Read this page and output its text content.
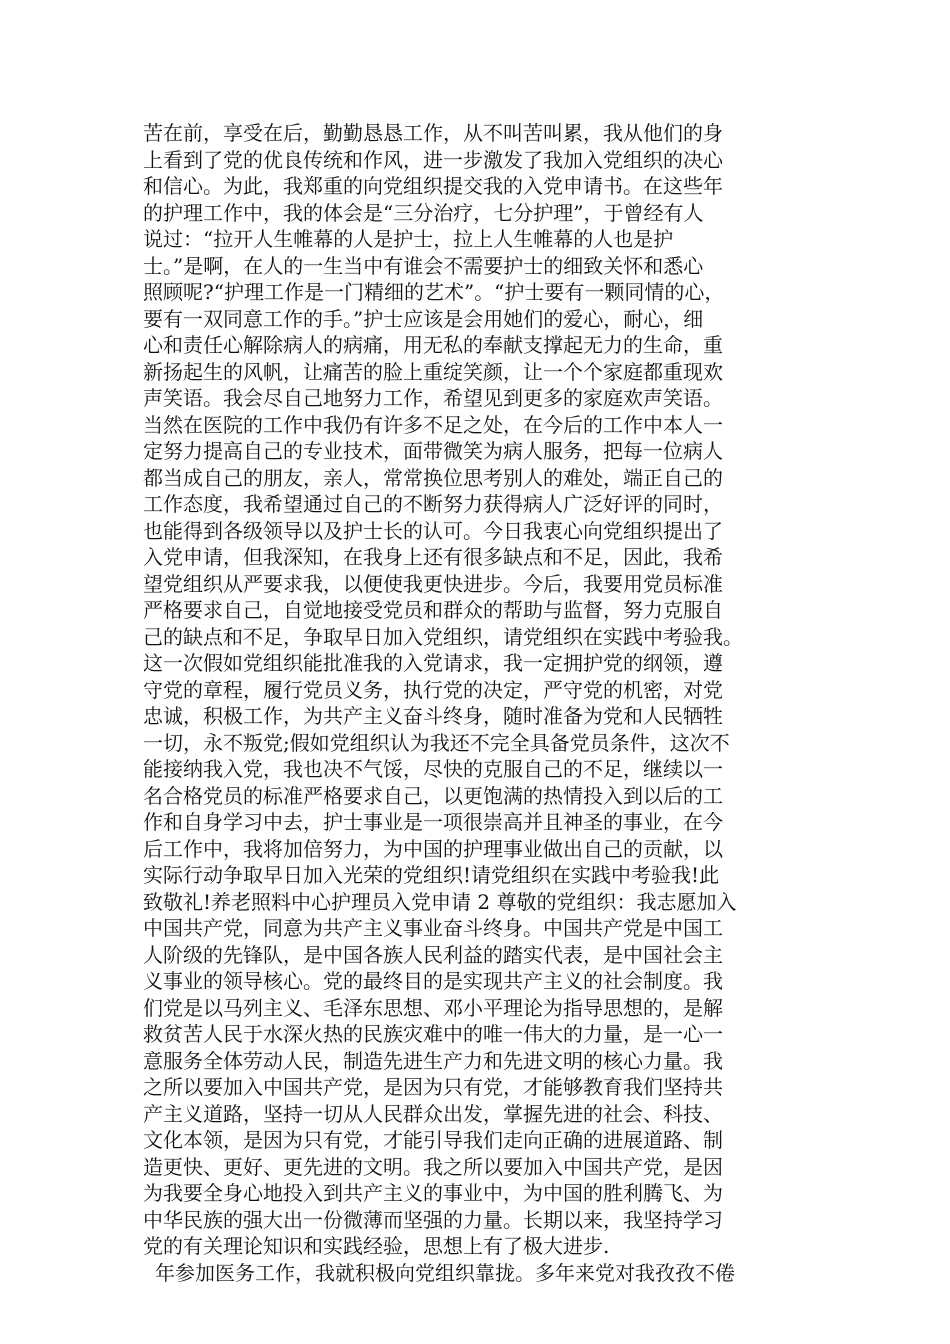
苦在前，享受在后，勤勤恳恳工作，从不叫苦叫累，我从他们的身
上看到了党的优良传统和作风，进一步激发了我加入党组织的决心
和信心。为此，我郑重的向党组织提交我的入党申请书。在这些年
的护理工作中，我的体会是“三分治疗，七分护理”，于曾经有人
说过：“拉开人生帷幕的人是护士，拉上人生帷幕的人也是护
士。”是啊，在人的一生当中有谁会不需要护士的细致关怀和悉心
照顾呢?“护理工作是一门精细的艺术”。“护士要有一颗同情的心，
要有一双同意工作的手。”护士应该是会用她们的爱心，耐心，细
心和责任心解除病人的病痛，用无私的奉献支撑起无力的生命，重
新扬起生的风帆，让痛苦的脸上重绽笑颜，让一个个家庭都重现欢
声笑语。我会尽自己地努力工作，希望见到更多的家庭欢声笑语。
当然在医院的工作中我仍有许多不足之处，在今后的工作中本人一
定努力提高自己的专业技术，面带微笑为病人服务，把每一位病人
都当成自己的朋友，亲人，常常换位思考别人的难处，端正自己的
工作态度，我希望通过自己的不断努力获得病人广泛好评的同时，
也能得到各级领导以及护士长的认可。今日我衷心向党组织提出了
入党申请，但我深知，在我身上还有很多缺点和不足，因此，我希
望党组织从严要求我，以便使我更快进步。今后，我要用党员标准
严格要求自己，自觉地接受党员和群众的帮助与监督，努力克服自
己的缺点和不足，争取早日加入党组织，请党组织在实践中考验我。
这一次假如党组织能批准我的入党请求，我一定拥护党的纲领，遵
守党的章程，履行党员义务，执行党的决定，严守党的机密，对党
忠诚，积极工作，为共产主义奋斗终身，随时准备为党和人民牺牲
一切，永不叛党;假如党组织认为我还不完全具备党员条件，这次不
能接纳我入党，我也决不气馁，尽快的克服自己的不足，继续以一
名合格党员的标准严格要求自己，以更饱满的热情投入到以后的工
作和自身学习中去，护士事业是一项很崇高并且神圣的事业，在今
后工作中，我将加倍努力，为中国的护理事业做出自己的贡献，以
实际行动争取早日加入光荣的党组织!请党组织在实践中考验我!此
致敬礼!养老照料中心护理员入党申请 2 尊敬的党组织：我志愿加入
中国共产党，同意为共产主义事业奋斗终身。中国共产党是中国工
人阶级的先锋队，是中国各族人民利益的踏实代表，是中国社会主
义事业的领导核心。党的最终目的是实现共产主义的社会制度。我
们党是以马列主义、毛泽东思想、邓小平理论为指导思想的，是解
救贫苦人民于水深火热的民族灾难中的唯一伟大的力量，是一心一
意服务全体劳动人民，制造先进生产力和先进文明的核心力量。我
之所以要加入中国共产党，是因为只有党，才能够教育我们坚持共
产主义道路，坚持一切从人民群众出发，掌握先进的社会、科技、
文化本领，是因为只有党，才能引导我们走向正确的进展道路、制
造更快、更好、更先进的文明。我之所以要加入中国共产党，是因
为我要全身心地投入到共产主义的事业中，为中国的胜利腾飞、为
中华民族的强大出一份微薄而坚强的力量。长期以来，我坚持学习
党的有关理论知识和实践经验，思想上有了极大进步.
年参加医务工作，我就积极向党组织靠拢。多年来党对我孜孜不倦
